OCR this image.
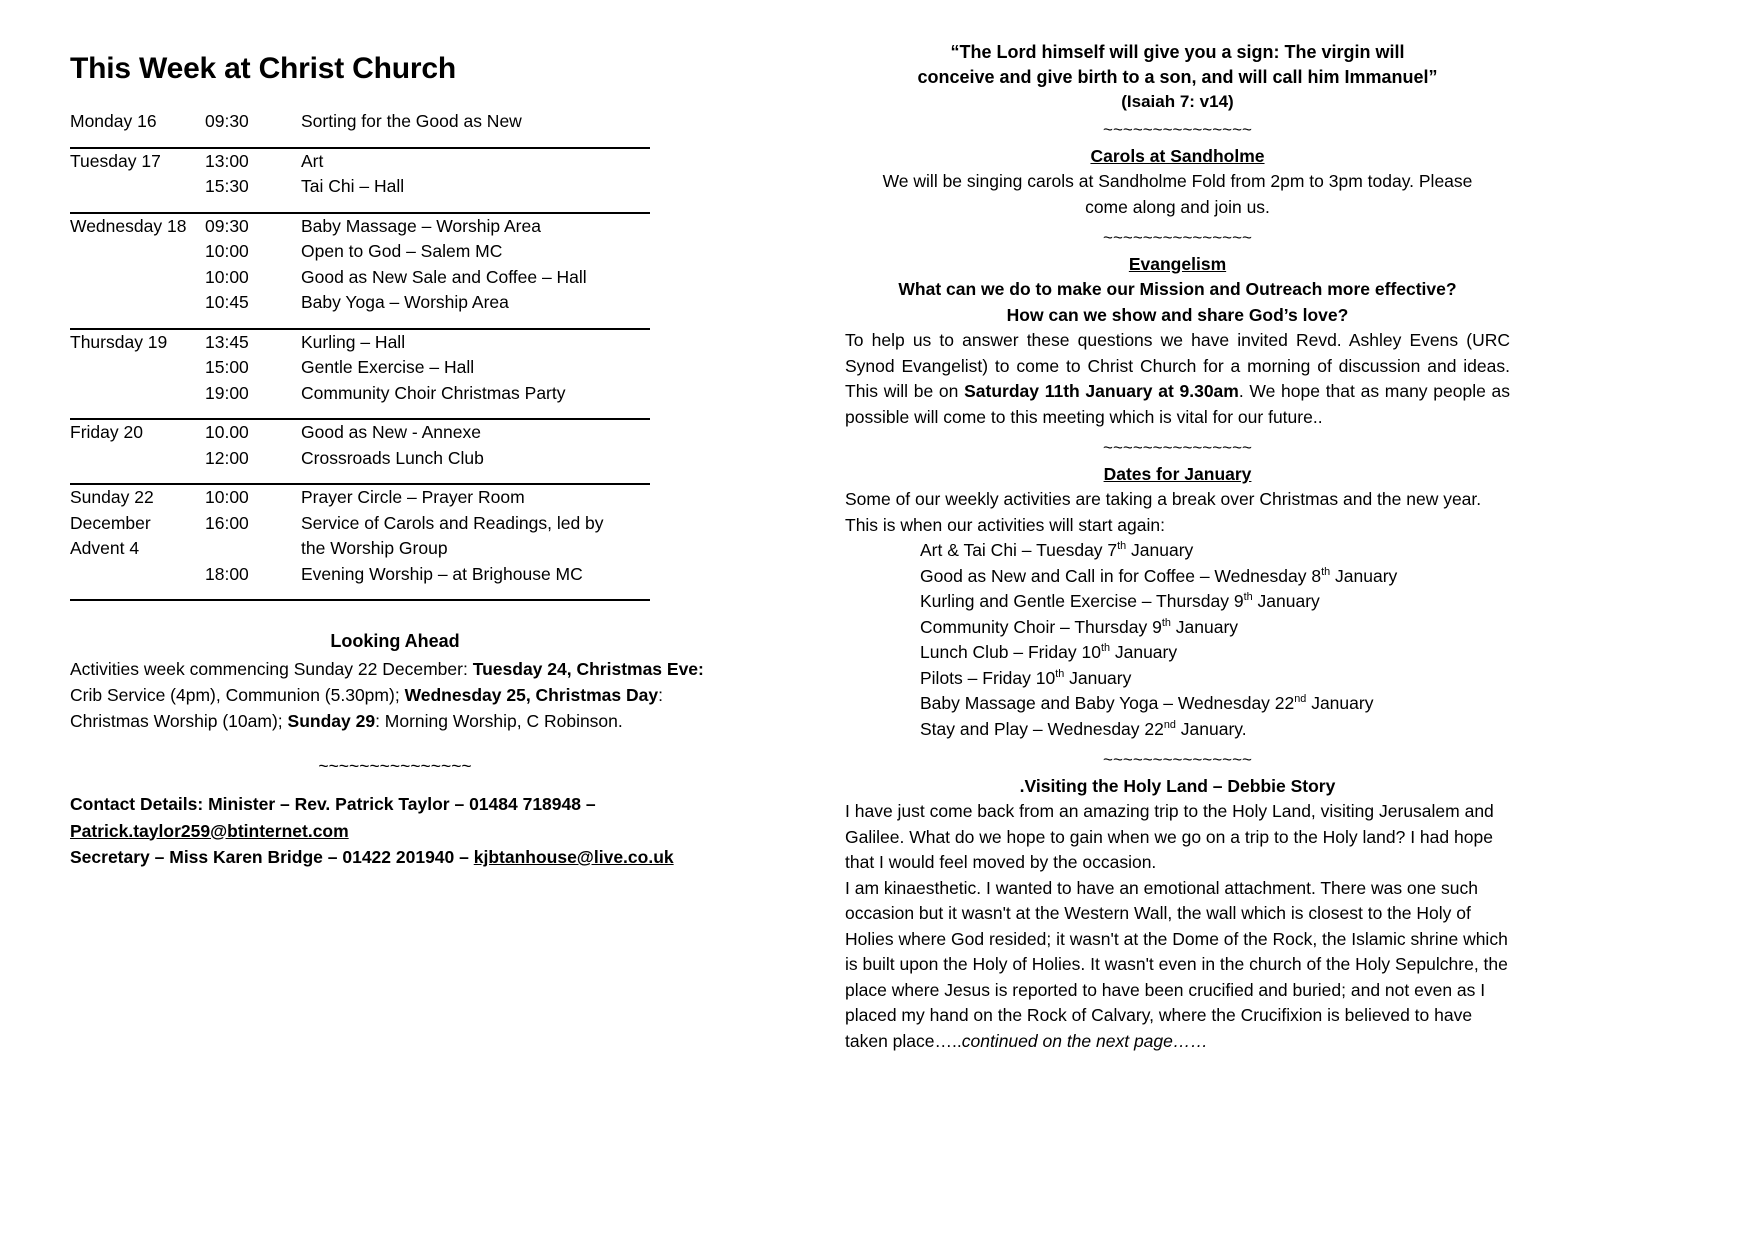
This Week at Christ Church
Monday 16	09:30	Sorting for the Good as New
Tuesday 17	13:00	Art
15:30	Tai Chi – Hall
Wednesday 18	09:30	Baby Massage – Worship Area
10:00	Open to God – Salem MC
10:00	Good as New Sale and Coffee – Hall
10:45	Baby Yoga – Worship Area
Thursday 19	13:45	Kurling – Hall
15:00	Gentle Exercise – Hall
19:00	Community Choir Christmas Party
Friday 20	10.00	Good as New - Annexe
12:00	Crossroads Lunch Club
Sunday 22	10:00	Prayer Circle – Prayer Room
December	16:00	Service of Carols and Readings, led by
Advent 4	the Worship Group
18:00	Evening Worship – at Brighouse MC
Looking Ahead

Activities week commencing Sunday 22 December: Tuesday 24, Christmas Eve: Crib Service (4pm), Communion (5.30pm); Wednesday 25, Christmas Day: Christmas Worship (10am); Sunday 29: Morning Worship, C Robinson.

~~~~~~~~~~~~~~~

Contact Details: Minister – Rev. Patrick Taylor – 01484 718948 –
Patrick.taylor259@btinternet.com
Secretary – Miss Karen Bridge – 01422 201940 – kjbtanhouse@live.co.uk

“The Lord himself will give you a sign: The virgin will
conceive and give birth to a son, and will call him Immanuel”

(Isaiah 7: v14)

~~~~~~~~~~~~~~~
Carols at Sandholme

We will be singing carols at Sandholme Fold from 2pm to 3pm today. Please
come along and join us.

~~~~~~~~~~~~~~~
Evangelism

What can we do to make our Mission and Outreach more effective?

How can we show and share God’s love?

To help us to answer these questions we have invited Revd. Ashley Evens (URC Synod Evangelist) to come to Christ Church for a morning of discussion and ideas. This will be on Saturday 11th January at 9.30am. We hope that as many people as possible will come to this meeting which is vital for our future..

~~~~~~~~~~~~~~~
Dates for January

Some of our weekly activities are taking a break over Christmas and the new year. This is when our activities will start again:

Art & Tai Chi – Tuesday 7th January
Good as New and Call in for Coffee – Wednesday 8th January
Kurling and Gentle Exercise – Thursday 9th January
Community Choir – Thursday 9th January
Lunch Club – Friday 10th January
Pilots – Friday 10th January
Baby Massage and Baby Yoga – Wednesday 22nd January
Stay and Play – Wednesday 22nd January.
~~~~~~~~~~~~~~~
.Visiting the Holy Land – Debbie Story

I have just come back from an amazing trip to the Holy Land, visiting Jerusalem and Galilee. What do we hope to gain when we go on a trip to the Holy land? I had hope that I would feel moved by the occasion.

I am kinaesthetic. I wanted to have an emotional attachment. There was one such occasion but it wasn't at the Western Wall, the wall which is closest to the Holy of Holies where God resided; it wasn't at the Dome of the Rock, the Islamic shrine which is built upon the Holy of Holies. It wasn't even in the church of the Holy Sepulchre, the place where Jesus is reported to have been crucified and buried; and not even as I placed my hand on the Rock of Calvary, where the Crucifixion is believed to have taken place…..continued on the next page……
